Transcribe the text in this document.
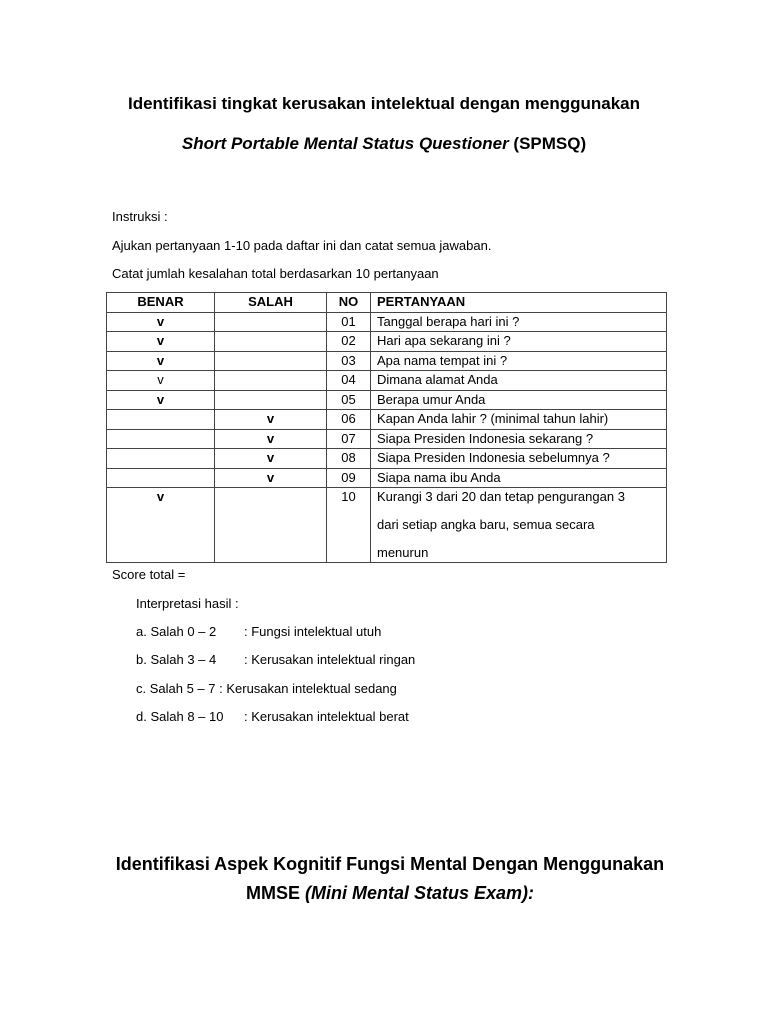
Identifikasi tingkat kerusakan intelektual dengan menggunakan
Short Portable Mental Status Questioner (SPMSQ)
Instruksi :
Ajukan pertanyaan 1-10 pada daftar ini dan catat semua jawaban.
Catat jumlah kesalahan total berdasarkan 10 pertanyaan
BENAR	SALAH	NO	PERTANYAAN
v		01	Tanggal berapa hari ini ?
v		02	Hari apa sekarang ini ?
v		03	Apa nama tempat ini ?
v		04	Dimana alamat Anda
v		05	Berapa umur Anda
	v	06	Kapan Anda lahir ? (minimal tahun lahir)
	v	07	Siapa Presiden Indonesia sekarang ?
	v	08	Siapa Presiden Indonesia sebelumnya ?
	v	09	Siapa nama ibu Anda
v		10	Kurangi 3 dari 20 dan tetap pengurangan 3
dari setiap angka baru, semua secara
menurun
Score total =
Interpretasi hasil :
a. Salah 0 – 2 : Fungsi intelektual utuh
b. Salah 3 – 4 : Kerusakan intelektual ringan
c. Salah 5 – 7 : Kerusakan intelektual sedang
d. Salah 8 – 10 : Kerusakan intelektual berat
Identifikasi Aspek Kognitif Fungsi Mental Dengan Menggunakan
MMSE (Mini Mental Status Exam):
